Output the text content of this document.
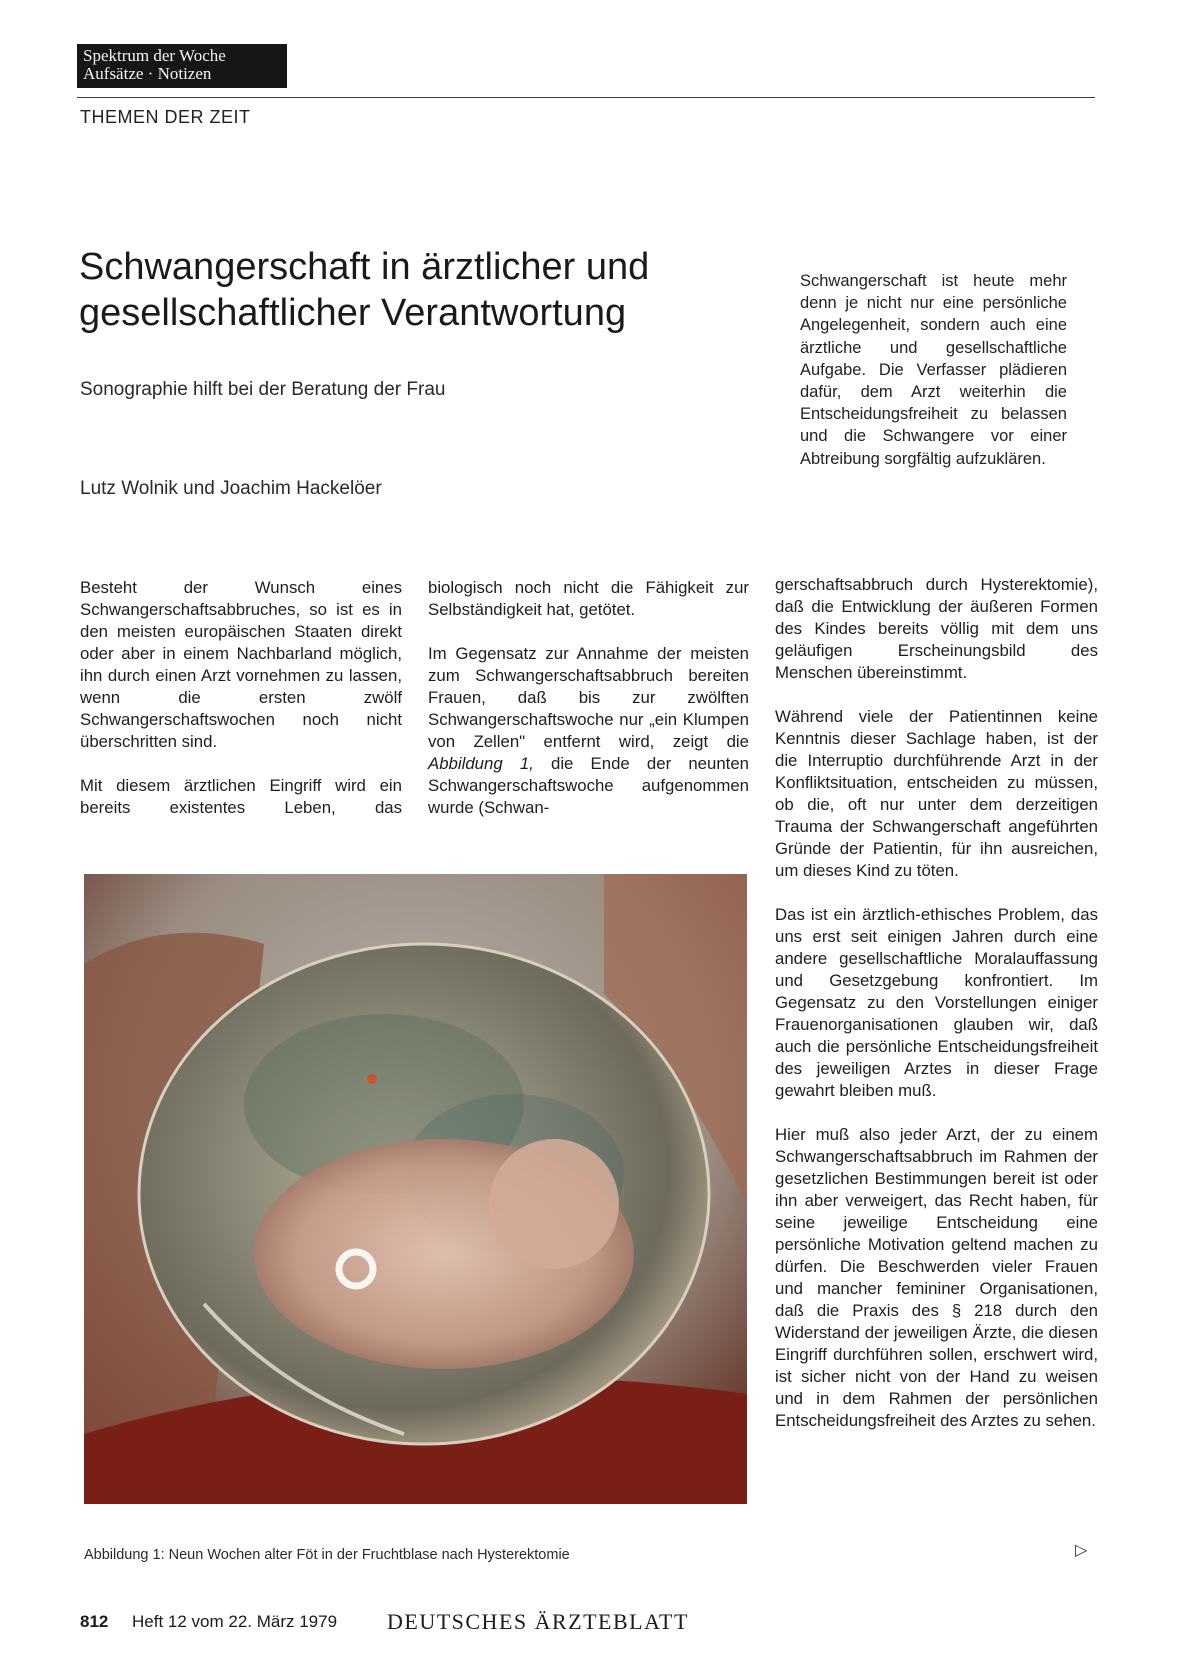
Spektrum der Woche
Aufsätze · Notizen
THEMEN DER ZEIT
Schwangerschaft in ärztlicher und gesellschaftlicher Verantwortung
Sonographie hilft bei der Beratung der Frau
Lutz Wolnik und Joachim Hackelöer
Schwangerschaft ist heute mehr denn je nicht nur eine persönliche Angelegenheit, sondern auch eine ärztliche und gesellschaftliche Aufgabe. Die Verfasser plädieren dafür, dem Arzt weiterhin die Entscheidungsfreiheit zu belassen und die Schwangere vor einer Abtreibung sorgfältig aufzuklären.

Besteht der Wunsch eines Schwangerschaftsabbruches, so ist es in den meisten europäischen Staaten direkt oder aber in einem Nachbarland möglich, ihn durch einen Arzt vornehmen zu lassen, wenn die ersten zwölf Schwangerschaftswochen noch nicht überschritten sind.

Mit diesem ärztlichen Eingriff wird ein bereits existentes Leben, das

biologisch noch nicht die Fähigkeit zur Selbständigkeit hat, getötet.

Im Gegensatz zur Annahme der meisten zum Schwangerschaftsabbruch bereiten Frauen, daß bis zur zwölften Schwangerschaftswoche nur „ein Klumpen von Zellen" entfernt wird, zeigt die Abbildung 1, die Ende der neunten Schwangerschaftswoche aufgenommen wurde (Schwan-

Abbildung 1: Neun Wochen alter Föt in der Fruchtblase nach Hysterektomie

gerschaftsabbruch durch Hysterektomie), daß die Entwicklung der äußeren Formen des Kindes bereits völlig mit dem uns geläufigen Erscheinungsbild des Menschen übereinstimmt.

Während viele der Patientinnen keine Kenntnis dieser Sachlage haben, ist der die Interruptio durchführende Arzt in der Konfliktsituation, entscheiden zu müssen, ob die, oft nur unter dem derzeitigen Trauma der Schwangerschaft angeführten Gründe der Patientin, für ihn ausreichen, um dieses Kind zu töten.

Das ist ein ärztlich-ethisches Problem, das uns erst seit einigen Jahren durch eine andere gesellschaftliche Moralauffassung und Gesetzgebung konfrontiert. Im Gegensatz zu den Vorstellungen einiger Frauenorganisationen glauben wir, daß auch die persönliche Entscheidungsfreiheit des jeweiligen Arztes in dieser Frage gewahrt bleiben muß.

Hier muß also jeder Arzt, der zu einem Schwangerschaftsabbruch im Rahmen der gesetzlichen Bestimmungen bereit ist oder ihn aber verweigert, das Recht haben, für seine jeweilige Entscheidung eine persönliche Motivation geltend machen zu dürfen. Die Beschwerden vieler Frauen und mancher femininer Organisationen, daß die Praxis des § 218 durch den Widerstand der jeweiligen Ärzte, die diesen Eingriff durchführen sollen, erschwert wird, ist sicher nicht von der Hand zu weisen und in dem Rahmen der persönlichen Entscheidungsfreiheit des Arztes zu sehen.

▷
812 Heft 12 vom 22. März 1979 DEUTSCHES ÄRZTEBLATT
